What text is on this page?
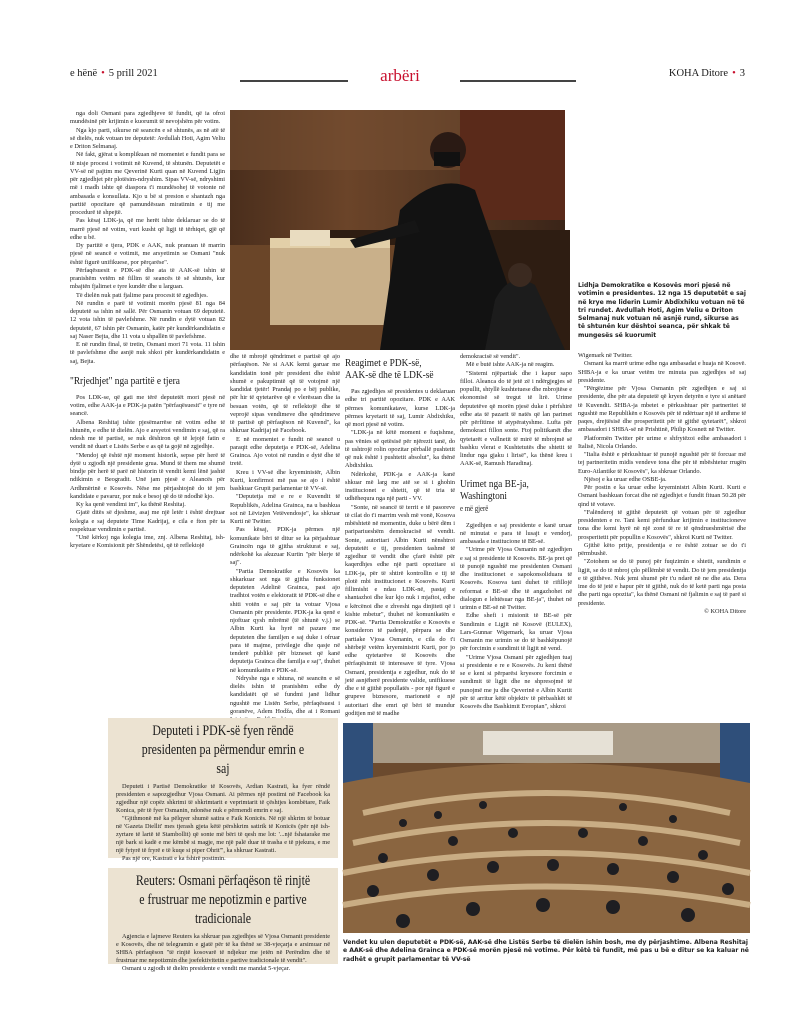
e hënë • 5 prill 2021	arbëri	KOHA Ditore • 3

nga doli Osmani para zgjedhjeve të fundit, që ia ofroi mundësinë për krijimin e kuorumit të nevojshëm për votim.

Nga kjo parti, sikurse në seancën e së shtunës, as në atë të së dielës, nuk votuan tre deputetë: Avdullah Hoti, Agim Veliu e Driton Selmanaj.

Në fakt, gjërat u komplikuan në momentet e fundit para se të nisje procesi i votimit në Kuvend, të shtunën. Deputetët e VV-së në pajtim me Qeverinë Kurti quan në Kuvend Ligjin për zgjedhjet për plotësim-ndryshim. Sipas VV-së, ndryshimi më i madh ishte që diaspora t'i mundësohej të votonte në ambasada e konsullata. Kjo u bë si presion e shantazh nga partitë opozitare që pamundësuan miratimin e tij me procedurë të shpejtë.

Pas kësaj LDK-ja, që me herët ishte deklaruar se do të marrë pjesë në votim, vuri kusht që ligji të tërhiqet, gjë që edhe u bë.

Dy partitë e tjera, PDK e AAK, nuk pranuan të marrin pjesë në seancë e votimit, me arsyetimin se Osmani "nuk është figurë unifikuese, por përçarëse".

Përfaqësuesit e PDK-së dhe ata të AAK-së ishin të pranishëm vetëm në fillim të seancës të së shtunës, kur mbajtën fjalimet e tyre kundër dhe u larguan.

Të dielën nuk pati fjalime para procesit të zgjedhjes.

Në rundin e parë të votimit morën pjesë 81 nga 84 deputetë sa ishin në sallë. Për Osmanin votuan 69 deputetë. 12 vota ishin të pavlefshme. Në rundin e dytë votuan 82 deputetë, 67 ishin për Osmanin, katër për kundërkandidatin e saj Naser Bejta, dhe 11 vota u shpallën të pavlefshme.

E në rundin final, të tretin, Osmani mori 71 vota. 11 ishin të pavlefshme dhe asnjë nuk shkoi për kundërkandidatin e saj, Bejta.

"Rrjedhjet" nga partitë e tjera

Pos LDK-se, që gati me tërë deputetët mori pjesë në votim, edhe AAK-ja e PDK-ja patën "përfaqësuesit" e tyre në seancë.

Albena Reshitaj ishte pjesëmarrëse në votim edhe të shtunën, e edhe të dielën. Ajo e arsyetoi vendimin e saj, që ra ndesh me të partisë, se nuk dëshiron që të lejojë fatin e vendit në duart e Listës Serbe e as që ta gojë në zgjedhje.

"Mendoj që është një moment historik, sepse për herë të dytë u zgjodh një presidente grua. Mund të them me shumë bindje për herë të parë në historin të vendit kemi lënë jashtë ndikimin e Beogradit. Unë jam pjesë e Aleancës për Ardhmërinë e Kosovës. Nëse me përjashtojnë do të jem kandidate e pavarur, por nuk e besoj që do të ndodhë kjo.

Ky ka qenë vendimi im", ka thënë Reshitaj.

Gjatë ditës së djeshme, asaj me një letër i është drejtuar kolegia e saj deputete Time Kadrijaj, e cila e fton për ta respektuar vendimin e partisë.

"Unë kërkoj nga kolegia ime, znj. Albena Reshitaj, ish-kryetare e Komisionit për Shëndetësi, që të reflektojë

Lidhja Demokratike e Kosovës mori pjesë në votimin e presidentes. 12 nga 15 deputetët e saj në krye me liderin Lumir Abdixhiku votuan në të tri rundet. Avdullah Hoti, Agim Veliu e Driton Selmanaj nuk votuan në asnjë rund, sikurse as të shtunën kur dështoi seanca, për shkak të mungesës së kuorumit

dhe të mbrojë qëndrimet e partisë që ajo përfaqëson. Ne si AAK kemi garuar me kandidatin tonë për president dhe është shumë e pakuptimtë që të votojmë një kandidat tjetër! Prandaj po e bëj publike, për hir të qytetarëve që e vlerësuan dhe ia besuan votën, që të reflektojë dhe të veprojë sipas vendimeve dhe qëndrimeve të partisë që përfaqëson në Kuvend", ka shkruar Kadrijaj në Facebook.

E në momentet e fundit në seancë u paraqit edhe deputetja e PDK-së, Adelina Grainca. Ajo votoi në rundin e dytë dhe të tretë.

Kreu i VV-së dhe kryeministër, Albin Kurti, konfirmoi më pas se ajo i është bashkuar Grupit parlamentar të VV-së.

"Deputetja më e re e Kuvendit të Republikës, Adelina Grainca, na u bashkua sot në Lëvizjen Vetëvendosje", ka shkruar Kurti në Twitter.

Pas kësaj, PDK-ja përmes një komunikate bëri të ditur se ka përjashtuar Graincën nga të gjitha strukturat e saj, ndërkohë ka akuzuar Kurtin "për blerje të saj".

"Partia Demokratike e Kosovës ka shkarkuar sot nga të gjitha funksionet deputeten Adelinë Grainca, pasi ajo tradhtoi votën e elektoratit të PDK-së dhe e shiti votën e saj për ta votuar Vjosa Osmanin për presidente. PDK-ja ka qenë e njoftuar qysh mbrëmë (të shtunë v.j.) se Albin Kurti ka hyrë në pazare me deputeten dhe familjen e saj duke i ofruar para të majme, privilegje dhe qasje në tenderë publikë për bizneset që kanë deputetja Grainca dhe familja e saj", thuhet në komunikatën e PDK-së.

Ndryshe nga e shtuna, në seancën e së dielës ishin të pranishëm edhe dy kandidatët që së fundmi janë lidhur ngushtë me Listën Serbe, përfaqësuesi i goranëve, Adem Hodža, dhe ai i Romani

Reagimet e PDK-së, AAK-së dhe të LDK-së

Pas zgjedhjes së presidentes u deklaruan edhe tri partitë opozitare. PDK e AAK përmes komunikatave, kurse LDK-ja përmes kryetarit të saj, Lumir Abdixhiku, që mori pjesë në votim.

"LDK-ja në këtë moment e fuqishme, pas vënies së qetësisë për njërezit tanë, do të ushtrojë rolin opozitar përballë pushtetit që nuk është i pushtetit absolut", ka thënë Abdixhiku.

Ndërkohë, PDK-ja e AAK-ja kanë shkuar më larg me atë se si i ghohin institucionet e shtetit, që të tria të udhëhequra nga një parti - VV.

"Sonte, në seancë të territ e të pasoreve të cilat do t'i marrim vesh më vonë, Kosova mbështetë në momentin, duke u bërë dëm i paripariueshëm demokracisë së vendit. Sonte, autoritari Albin Kurti nënshtroi deputetët e tij, presidenten tashmë të zgjedhur të vendit dhe çfarë është për kaqerdhjes edhe një parti opozitare si LDK-ja, për të shtirë kontrollin e tij të plotë mbi institucionet e Kosovës. Kurti fillimisht e ndau LDK-në, pastaj e shantazhoi dhe kur kjo nuk i mjaftoi, edhe e kërcënoi dhe e zhveshi nga dinjiteti që i kishte mbetur", thuhet në komunikatën e PDK-së. "Partia Demokratike e Kosovës e konsideron të padenjë, përpara se dhe partiake Vjosa Osmanin, e cila do t'i shërbejë vetëm kryeministrit Kurti, por jo edhe qytetarëve të Kosovës dhe përfaqësimit të interesave të tyre. Vjosa Osmani, presidentja e zgjedhur, nuk do të jetë asnjëherë presidente valide, unifikuese dhe e të gjithë popullatës - por një figurë e grupeve biznesore, marionetë e një autoritari dhe emri që bëri të mundur goditjen më të madhe

demokracisë së vendit".

Më e butë ishte AAK-ja në reagim.

"Sistemi njëpartiak dhe i kapur sapo filloi. Aleanca do të jetë zë i ndërgjegjes së popullit, shtyllë kushtetuese dhe mbrojtëse e ekonomisë së tregut të lirë. Urime deputetëve që morën pjesë duke i përfshirë edhe ata të pazarit të natës që lan parimet për përfitime të atypëratyshme. Lufta për demokraci fillon sonte. Ftoj politikanët dhe qytetarët e vullnetit të mirë të mbrojmë së bashku vlerat e Kushtetutës dhe shtetit të lindur nga gjaku i lirisë", ka thënë kreu i AAK-së, Ramush Haradinaj.

Urimet nga BE-ja, Washingtoni
e më gjerë

Zgjedhjen e saj presidente e kanë uruar në minutat e para të lusajt e vendorj, ambasada e institucione të BE-së.

"Urime për Vjosa Osmanin në zgjedhjen e saj si presidente të Kosovës. BE-ja pret që të punojë ngushtë me presidenten Osmani dhe institucionet e sapokonsoliduara të Kosovës. Kosova tani duhet të rifillojë reformat e BE-së dhe të angazhohet në dialogun e lehtësuar nga BE-ja", thuhet në urimin e BE-së në Twitter.

Edhe shefi i misionit të BE-së për Sundimin e Ligjit në Kosovë (EULEX), Lars-Gunnar Wigemark, ka uruar Vjosa Osmanin me urimin se do të bashkëpunojë për forcimin e sundimit të ligjit në vend.

"Urime Vjosa Osmani për zgjedhjen tuaj si presidente e re e Kosovës. Ju keni thënë se e keni si përparësi kryesore forcimin e sundimit të ligjit dhe ne shpresojmë të punojmë me ju dhe Qeverinë e Albin Kurtit për të arritur këtë objektiv të përbashkët të Kosovës dhe Bashkimit Evropian", shkroi

Wigemark në Twitter.

Osmani ka marrë urime edhe nga ambasadat e huaja në Kosovë. SHBA-ja e ka uruar vetëm tre minuta pas zgjedhjes së saj presidente.

"Përgëzime për Vjosa Osmanin për zgjedhjen e saj si presidente, dhe për ata deputetë që kryen detyrën e tyre si anëtarë të Kuvendit. SHBA-ja mbetet e përkushtuar për partneritet të ngushtë me Republikën e Kosovës për të ndërtuar një të ardhme të paqes, drejtësisë dhe prosperitetit për të gjithë qytetarët", shkroi ambasadori i SHBA-së në Prishtinë, Philip Kosnett në Twitter.

Platformën Twitter për urime e shfrytëzoi edhe ambasadori i Italisë, Nicola Orlando.

"Italia është e përkushtuar të punojë ngushtë për të forcuar më tej partneritetin midis vendeve tona dhe për të mbështetur rrugën Euro-Atlantike të Kosovës", ka shkruar Orlando.

Njësoj e ka uruar edhe OSBE-ja.

Për postin e ka uruar edhe kryeministri Albin Kurti. Kurti e Osmani bashkuan forcat dhe në zgjedhjet e fundit fituan 50.28 për qind të votave.

"Falënderoj të gjithë deputetët që votuan për të zgjedhur presidenten e re. Tani kemi përfunduar krijimin e institucioneve tona dhe kemi hyrë në një zonë të re të qëndrueshmërisë dhe prosperitetit për popullin e Kosovës", shkroi Kurti në Twitter.

Gjithë këto pritje, presidentja e re është zotuar se do t'i përmbushë.

"Zotohem se do të punoj për fuqizimin e shtetit, sundimin e ligjit, se do të mbroj çdo pëllëmbë të vendit. Do të jem presidentja e të gjithëve. Nuk jemi shumë për t'u ndarë në ne dhe ata. Dera ime do të jetë e hapur për të gjithë, nuk do të ketë parti nga posta dhe parti nga opozita", ka thënë Osmani në fjalimin e saj të parë si presidente.

© KOHA Ditore
Deputeti i PDK-së fyen rëndë presidenten pa përmendur emrin e saj

Deputeti i Partisë Demokratike të Kosovës, Ardian Kastrati, ka fyer rëndë presidenten e sapozgjedhur Vjosa Osmani. Ai përmes një postimi në Facebook ka zgjedhur një copëz shkrimi të shkrimtarit e veprimtarit të çështjes kombëtare, Faik Konica, për të fyer Osmanin, ndonëse nuk e përmendi emrin e saj.

"Gjithmonë më ka pëlqyer shumë satira e Faik Konicës. Në një shkrim të botuar në 'Gazeta Diellit' mes tjerash gjeta këtë përshkrim satirik të Konicës (për një ish-zyrtare të lartë të Stambollit) që sonte më bëri të qesh me lot: '...një fshatarake me një bark si kadë e me këmbë si magje, me një palë duar të trasha e të pjekura, e me një fytyrë të fryrë e të kuqe si piper Ohrit'", ka shkruar Kastrati.

Pas një ore, Kastrati e ka fshirë postimin.

Reuters: Osmani përfaqëson të rinjtë e frustruar me nepotizmin e partive tradicionale

Agjencia e lajmeve Reuters ka shkruar pas zgjedhjes së Vjosa Osmanit presidente e Kosovës, dhe në telegramin e gjatë për të ka thënë se 38-vjeçarja e arsimuar në SHBA përfaqëson "të rinjtë kosovarë të ndjekur me jetën në Perëndim dhe të frustruar me nepotizmin dhe joefektivitetin e partive tradicionale të vendit".

Osmani u zgjodh të dielën presidente e vendit me mandat 5-vjeçar.

Vendet ku ulen deputetët e PDK-së, AAK-së dhe Listës Serbe të dielën ishin bosh, me dy përjashtime. Albena Reshitaj e AAK-së dhe Adelina Grainca e PDK-së morën pjesë në votime. Për këtë të fundit, më pas u bë e ditur se ka kaluar në radhët e grupit parlamentar të VV-së
